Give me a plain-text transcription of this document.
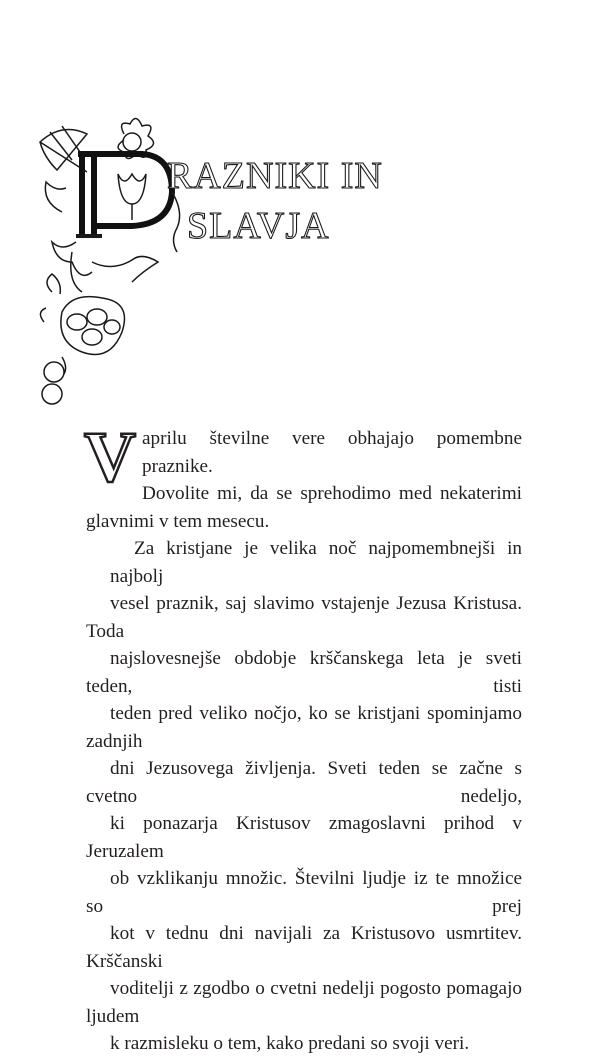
RAZNIKI IN
SLAVJA

V aprilu številne vere obhajajo pomembne praznike.
Dovolite mi, da se sprehodimo med nekaterimi
glavnimi v tem mesecu.

Za kristjane je velika noč najpomembnejši in najbolj
vesel praznik, saj slavimo vstajenje Jezusa Kristusa. Toda
najslovesnejše obdobje krščanskega leta je sveti teden, tisti
teden pred veliko nočjo, ko se kristjani spominjamo zadnjih
dni Jezusovega življenja. Sveti teden se začne s cvetno nedeljo,
ki ponazarja Kristusov zmagoslavni prihod v Jeruzalem
ob vzklikanju množic. Številni ljudje iz te množice so prej
kot v tednu dni navijali za Kristusovo usmrtitev. Krščanski
voditelji z zgodbo o cvetni nedelji pogosto pomagajo ljudem
k razmisleku o tem, kako predani so svoji veri.
